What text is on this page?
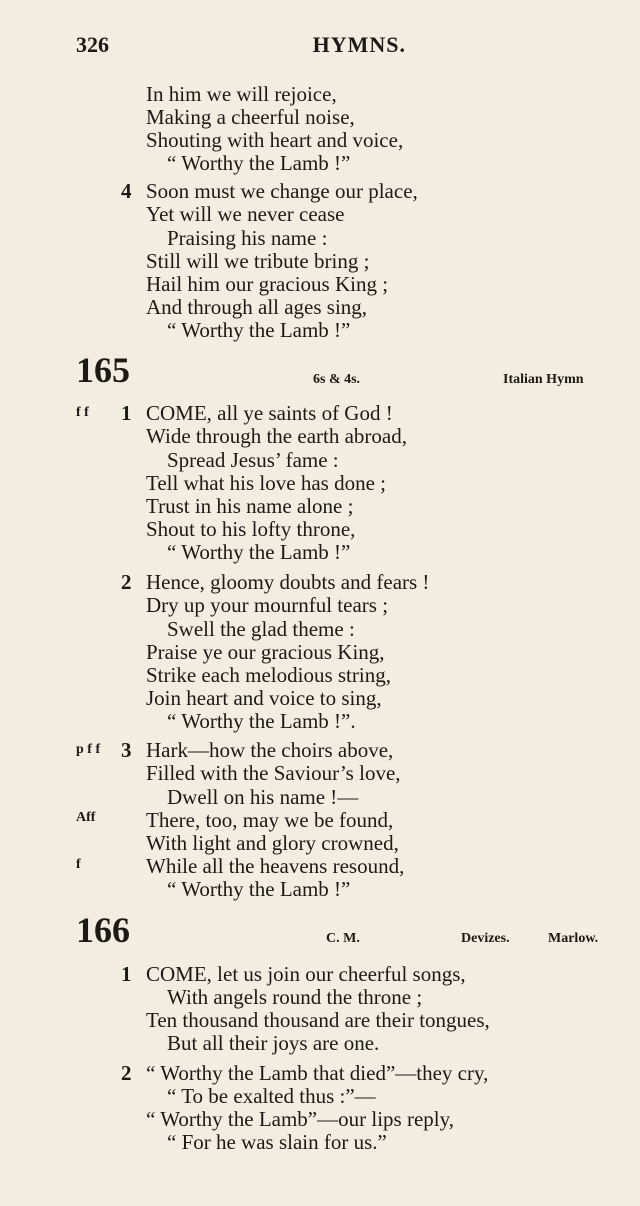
326	HYMNS.
In him we will rejoice,
Making a cheerful noise,
Shouting with heart and voice,
“ Worthy the Lamb !”
4 Soon must we change our place,
Yet will we never cease
Praising his name :
Still will we tribute bring ;
Hail him our gracious King ;
And through all ages sing,
“ Worthy the Lamb !”
165	6s & 4s.	Italian Hymn
f f 1 COME, all ye saints of God !
Wide through the earth abroad,
Spread Jesus’ fame :
Tell what his love has done ;
Trust in his name alone ;
Shout to his lofty throne,
“ Worthy the Lamb !”
2 Hence, gloomy doubts and fears !
Dry up your mournful tears ;
Swell the glad theme :
Praise ye our gracious King,
Strike each melodious string,
Join heart and voice to sing,
“ Worthy the Lamb !”.
p f f 3 Hark—how the choirs above,
Filled with the Saviour’s love,
Dwell on his name !—
Aff There, too, may we be found,
With light and glory crowned,
f	While all the heavens resound,
“ Worthy the Lamb !”
166	C. M.	Devizes.	Marlow.
1 COME, let us join our cheerful songs,
With angels round the throne ;
Ten thousand thousand are their tongues,
But all their joys are one.
2 “ Worthy the Lamb that died”—they cry,
“ To be exalted thus :”—
“ Worthy the Lamb”—our lips reply,
“ For he was slain for us.”
